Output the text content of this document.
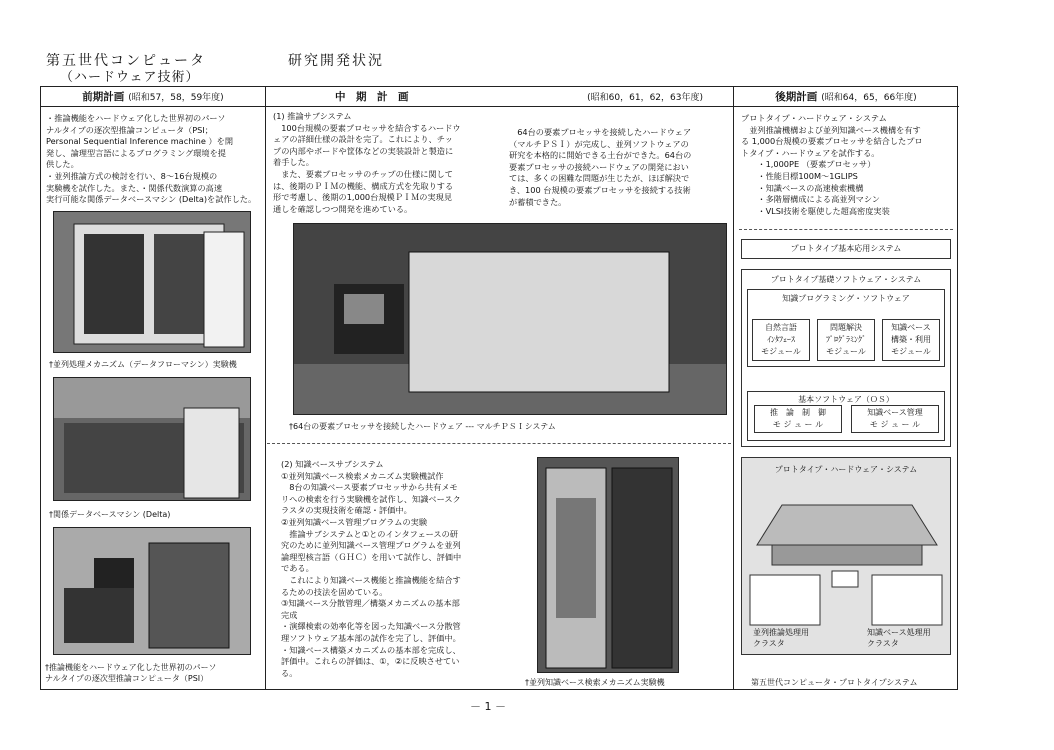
第五世代コンピュータ	研究開発状況
（ハードウェア技術）
前期計画 (昭和57，58，59年度)	中　期　計　画	(昭和60，61，62，63年度)	後期計画 (昭和64，65，66年度)
・推論機能をハードウェア化した世界初のパーソ
ナルタイプの逐次型推論コンピュータ（PSI；
Personal Sequential Inference machine ）を開
発し、論理型言語によるプログラミング環境を提
供した。
・並列推論方式の検討を行い、8～16台規模の
実験機を試作した。また、・関係代数演算の高速
実行可能な関係データベースマシン (Delta)を試作した。
†並列処理メカニズム（データフローマシン）実験機
†関係データベースマシン (Delta)
†推論機能をハードウェア化した世界初のパーソ
ナルタイプの逐次型推論コンピュータ（PSI）
(1) 推論サブシステム
　100台規模の要素プロセッサを結合するハードウ
ェアの詳細仕様の設計を完了。これにより、チッ
プの内部やボードや筐体などの実装設計と製造に
着手した。
　また、要素プロセッサのチップの仕様に関して
は、後期のＰＩＭの機能、構成方式を先取りする
形で考慮し、後期の1,000台規模ＰＩＭの実現見
通しを確認しつつ開発を進めている。
　64台の要素プロセッサを接続したハードウェア
（マルチＰＳＩ）が完成し、並列ソフトウェアの
研究を本格的に開始できる土台ができた。64台の
要素プロセッサの接続ハードウェアの開発におい
ては、多くの困難な問題が生じたが、ほぼ解決で
き、100 台規模の要素プロセッサを接続する技術
が蓄積できた。
†64台の要素プロセッサを接続したハードウェア --- マルチＰＳＩシステム
(2) 知識ベースサブシステム
①並列知識ベース検索メカニズム実験機試作
　8台の知識ベース要素プロセッサから共有メモ
リへの検索を行う実験機を試作し、知識ベースク
ラスタの実現技術を確認・評価中。
②並列知識ベース管理プログラムの実験
　推論サブシステムと①とのインタフェースの研
究のために並列知識ベース管理プログラムを並列
論理型核言語（ＧＨＣ）を用いて試作し、評価中
である。
　これにより知識ベース機能と推論機能を結合す
るための技法を固めている。
③知識ベース分散管理／構築メカニズムの基本部
完成
・演繹検索の効率化等を図った知識ベース分散管
理ソフトウェア基本部の試作を完了し、評価中。
・知識ベース構築メカニズムの基本部を完成し、
評価中。これらの評価は、①，②に反映させてい
る。
†並列知識ベース検索メカニズム実験機
プロトタイプ・ハードウェア・システム
　並列推論機構および並列知識ベース機構を有す
る 1,000台規模の要素プロセッサを結合したプロ
トタイプ・ハードウェアを試作する。
　　・1,000PE （要素プロセッサ）
　　・性能目標100M～1GLIPS
　　・知識ベースの高速検索機構
　　・多階層構成による高並列マシン
　　・VLSI技術を駆使した超高密度実装
プロトタイプ基本応用システム
プロトタイプ基礎ソフトウェア・システム
知識プログラミング・ソフトウェア
自然言語
ｲﾝﾀﾌｪｰｽ
モジュール
問題解決
ﾌﾟﾛｸﾞﾗﾐﾝｸﾞ
モジュール
知識ベース
構築・利用
モジュール
基本ソフトウェア（ＯＳ）
推　論　制　御
モ ジ ュ ー ル
知識ベース管理
モ ジ ュ ー ル
プロトタイプ・ハードウェア・システム
並列推論処理用
クラスタ
知識ベース処理用
クラスタ
第五世代コンピュータ・プロトタイプシステム
－ 1 －
